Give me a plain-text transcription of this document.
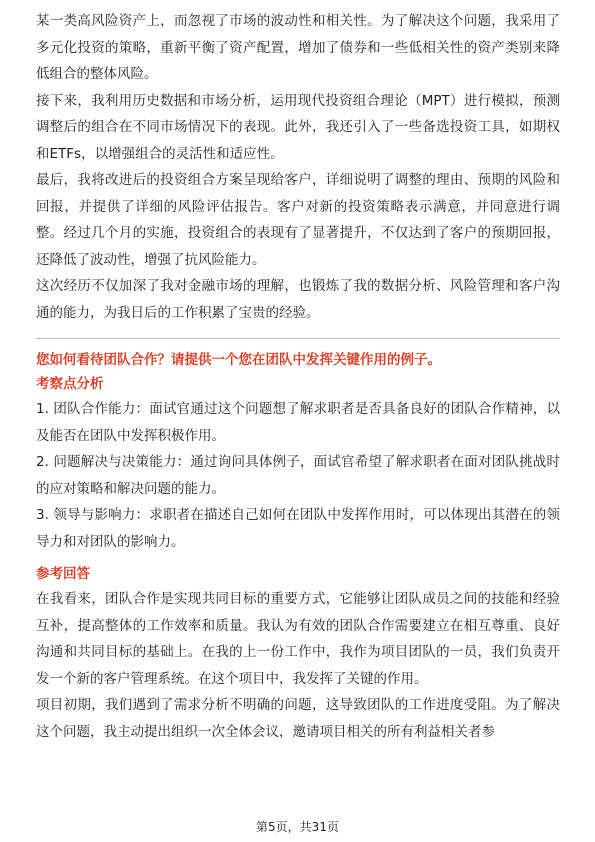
某一类高风险资产上，而忽视了市场的波动性和相关性。为了解决这个问题，我采用了多元化投资的策略，重新平衡了资产配置，增加了债券和一些低相关性的资产类别来降低组合的整体风险。

接下来，我利用历史数据和市场分析，运用现代投资组合理论（MPT）进行模拟，预测调整后的组合在不同市场情况下的表现。此外，我还引入了一些备选投资工具，如期权和ETFs，以增强组合的灵活性和适应性。

最后，我将改进后的投资组合方案呈现给客户，详细说明了调整的理由、预期的风险和回报，并提供了详细的风险评估报告。客户对新的投资策略表示满意，并同意进行调整。经过几个月的实施，投资组合的表现有了显著提升，不仅达到了客户的预期回报，还降低了波动性，增强了抗风险能力。

这次经历不仅加深了我对金融市场的理解，也锻炼了我的数据分析、风险管理和客户沟通的能力，为我日后的工作积累了宝贵的经验。

您如何看待团队合作？请提供一个您在团队中发挥关键作用的例子。

考察点分析

1. 团队合作能力：面试官通过这个问题想了解求职者是否具备良好的团队合作精神，以及能否在团队中发挥积极作用。

2. 问题解决与决策能力：通过询问具体例子，面试官希望了解求职者在面对团队挑战时的应对策略和解决问题的能力。

3. 领导与影响力：求职者在描述自己如何在团队中发挥作用时，可以体现出其潜在的领导力和对团队的影响力。

参考回答

在我看来，团队合作是实现共同目标的重要方式，它能够让团队成员之间的技能和经验互补，提高整体的工作效率和质量。我认为有效的团队合作需要建立在相互尊重、良好沟通和共同目标的基础上。在我的上一份工作中，我作为项目团队的一员，我们负责开发一个新的客户管理系统。在这个项目中，我发挥了关键的作用。

项目初期，我们遇到了需求分析不明确的问题，这导致团队的工作进度受阻。为了解决这个问题，我主动提出组织一次全体会议，邀请项目相关的所有利益相关者参

第5页，共31页
